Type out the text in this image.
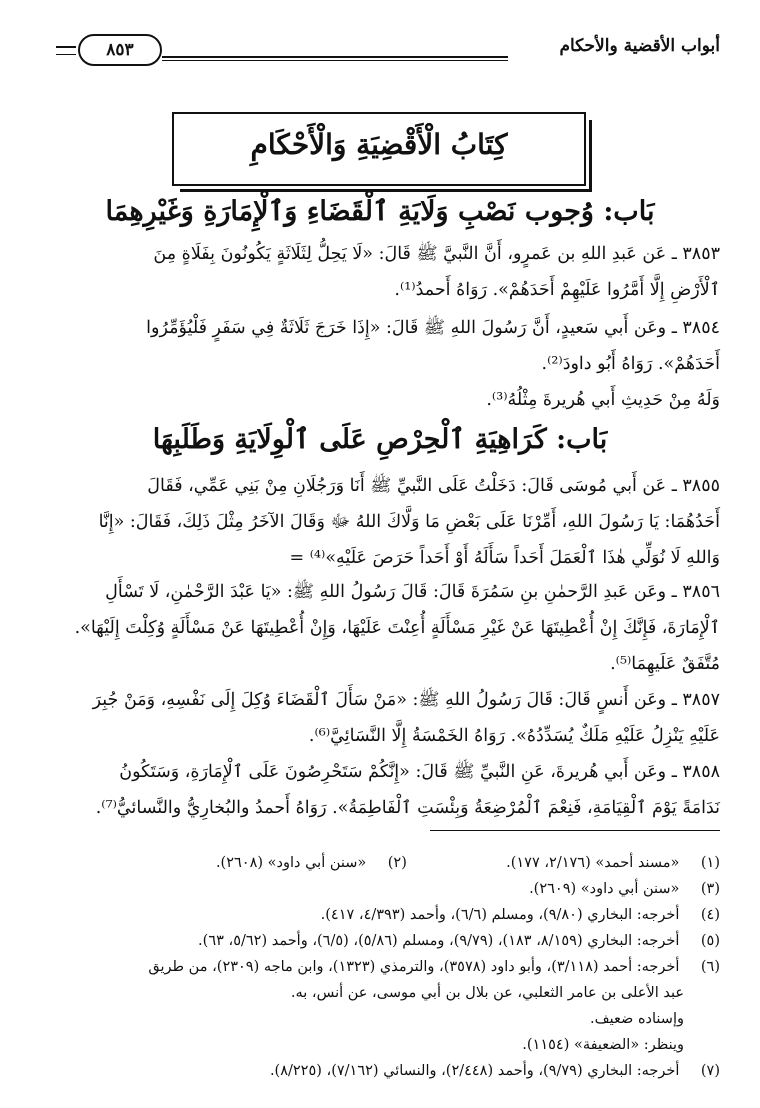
أبواب الأقضية والأحكام
٨٥٣
كِتَابُ الْأَقْضِيَةِ وَالْأَحْكَامِ
بَاب: وُجوب نَصْبِ وَلَايَةِ ٱلْقَضَاءِ وَٱلْإِمَارَةِ وَغَيْرِهِمَا
٣٨٥٣ ـ عَن عَبدِ اللهِ بن عَمرٍو، أَنَّ النَّبيَّ ﷺ قَالَ: «لَا يَحِلُّ لِثَلَاثَةٍ يَكُونُونَ بِفَلَاةٍ مِنَ
ٱلْأَرْضِ إِلَّا أَمَّرُوا عَلَيْهِمْ أَحَدَهُمْ». رَوَاهُ أَحمدُ⁽¹⁾.
٣٨٥٤ ـ وعَن أَبي سَعيدٍ، أَنَّ رَسُولَ اللهِ ﷺ قَالَ: «إِذَا خَرَجَ ثَلَاثَةٌ فِي سَفَرٍ فَلْيُؤَمِّرُوا
أَحَدَهُمْ». رَوَاهُ أَبُو داودَ⁽²⁾.
وَلَهُ مِنْ حَدِيثِ أَبي هُريرةَ مِثْلُهُ⁽³⁾.
بَاب: كَرَاهِيَةِ ٱلْحِرْصِ عَلَى ٱلْوِلَايَةِ وَطَلَبِهَا
٣٨٥٥ ـ عَن أَبي مُوسَى قَالَ: دَخَلْتُ عَلَى النَّبيِّ ﷺ أَنَا وَرَجُلَانِ مِنْ بَنِي عَمِّي، فَقَالَ
أَحَدُهُمَا: يَا رَسُولَ اللهِ، أَمِّرْنَا عَلَى بَعْضِ مَا وَلَّاكَ اللهُ ﷻ وَقَالَ الآخَرُ مِثْلَ ذَلِكَ، فَقَالَ: «إِنَّا
وَاللهِ لَا نُوَلِّي هٰذَا ٱلْعَمَلَ أَحَداً سَأَلَهُ أَوْ أَحَداً حَرَصَ عَلَيْهِ»⁽⁴⁾ =
٣٨٥٦ ـ وعَن عَبدِ الرَّحمٰنِ بنِ سَمُرَةَ قَالَ: قَالَ رَسُولُ اللهِ ﷺ: «يَا عَبْدَ الرَّحْمٰنِ، لَا تَسْأَلِ
ٱلْإِمَارَةَ، فَإِنَّكَ إِنْ أُعْطِيتَهَا عَنْ غَيْرِ مَسْأَلَةٍ أُعِنْتَ عَلَيْهَا، وَإِنْ أُعْطِيتَهَا عَنْ مَسْأَلَةٍ وُكِلْتَ إِلَيْهَا».
مُتَّفَقٌ عَلَيهِمَا⁽⁵⁾.
٣٨٥٧ ـ وعَن أَنسٍ قَالَ: قَالَ رَسُولُ اللهِ ﷺ: «مَنْ سَأَلَ ٱلْقَضَاءَ وُكِلَ إِلَى نَفْسِهِ، وَمَنْ جُبِرَ
عَلَيْهِ يَنْزِلُ عَلَيْهِ مَلَكٌ يُسَدِّدُهُ». رَوَاهُ الخَمْسَةُ إِلَّا النَّسَائِيَّ⁽⁶⁾.
٣٨٥٨ ـ وعَن أَبي هُريرةَ، عَنِ النَّبيِّ ﷺ قَالَ: «إِنَّكُمْ سَتَحْرِصُونَ عَلَى ٱلْإِمَارَةِ، وَسَتَكُونُ
نَدَامَةً يَوْمَ ٱلْقِيَامَةِ، فَنِعْمَ ٱلْمُرْضِعَةُ وَبِئْسَتِ ٱلْفَاطِمَةُ». رَوَاهُ أَحمدُ والبُخارِيُّ والنَّسائيُّ⁽⁷⁾.
(١) «مسند أحمد» (٢/١٧٦، ١٧٧).  (٢) «سنن أبي داود» (٢٦٠٨).
(٣) «سنن أبي داود» (٢٦٠٩).
(٤) أخرجه: البخاري (٩/٨٠)، ومسلم (٦/٦)، وأحمد (٤/٣٩٣، ٤١٧).
(٥) أخرجه: البخاري (٨/١٥٩، ١٨٣)، (٩/٧٩)، ومسلم (٥/٨٦)، (٦/٥)، وأحمد (٥/٦٢، ٦٣).
(٦) أخرجه: أحمد (٣/١١٨)، وأبو داود (٣٥٧٨)، والترمذي (١٣٢٣)، وابن ماجه (٢٣٠٩)، من طريق
عبد الأعلى بن عامر الثعلبي، عن بلال بن أبي موسى، عن أنس، به.
وإسناده ضعيف.
وينظر: «الضعيفة» (١١٥٤).
(٧) أخرجه: البخاري (٩/٧٩)، وأحمد (٢/٤٤٨)، والنسائي (٧/١٦٢)، (٨/٢٢٥).
